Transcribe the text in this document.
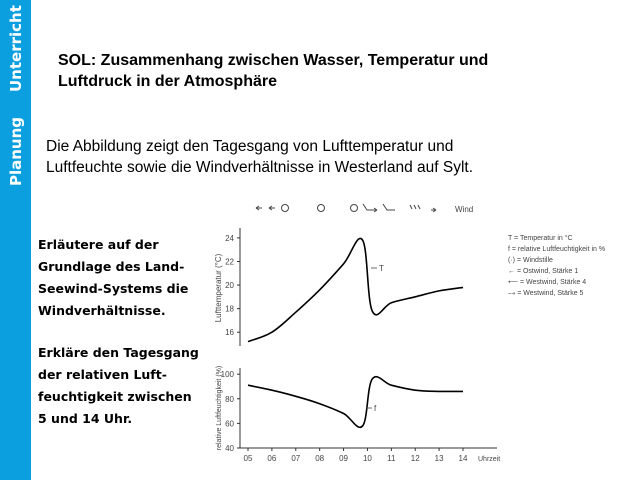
Planung
Unterricht SOL: Zusammenhang zwischen Wasser, Temperatur und
Luftdruck in der Atmosphäre
Die Abbildung zeigt den Tagesgang von Lufttemperatur und
Luftfeuchte sowie die Windverhältnisse in Westerland auf Sylt.
Erläutere auf der
Grundlage des Land-
Seewind-Systems die
Windverhältnisse.
Erkläre den Tagesgang
der relativen Luft-
feuchtigkeit zwischen
5 und 14 Uhr.
Wind
16
18
20
22
24
40
60
80
100
05 06 07 08 09 10 11 12 13 14 Uhrzeit
Lufttemperatur (°C)
relative Luftfeuchtigkeit (%)
T
f
T = Temperatur in °C
f = relative Luftfeuchtigkeit in %
(·) = Windstille
← = Ostwind, Stärke 1
⟵ = Westwind, Stärke 4
⤍ = Westwind, Stärke 5
